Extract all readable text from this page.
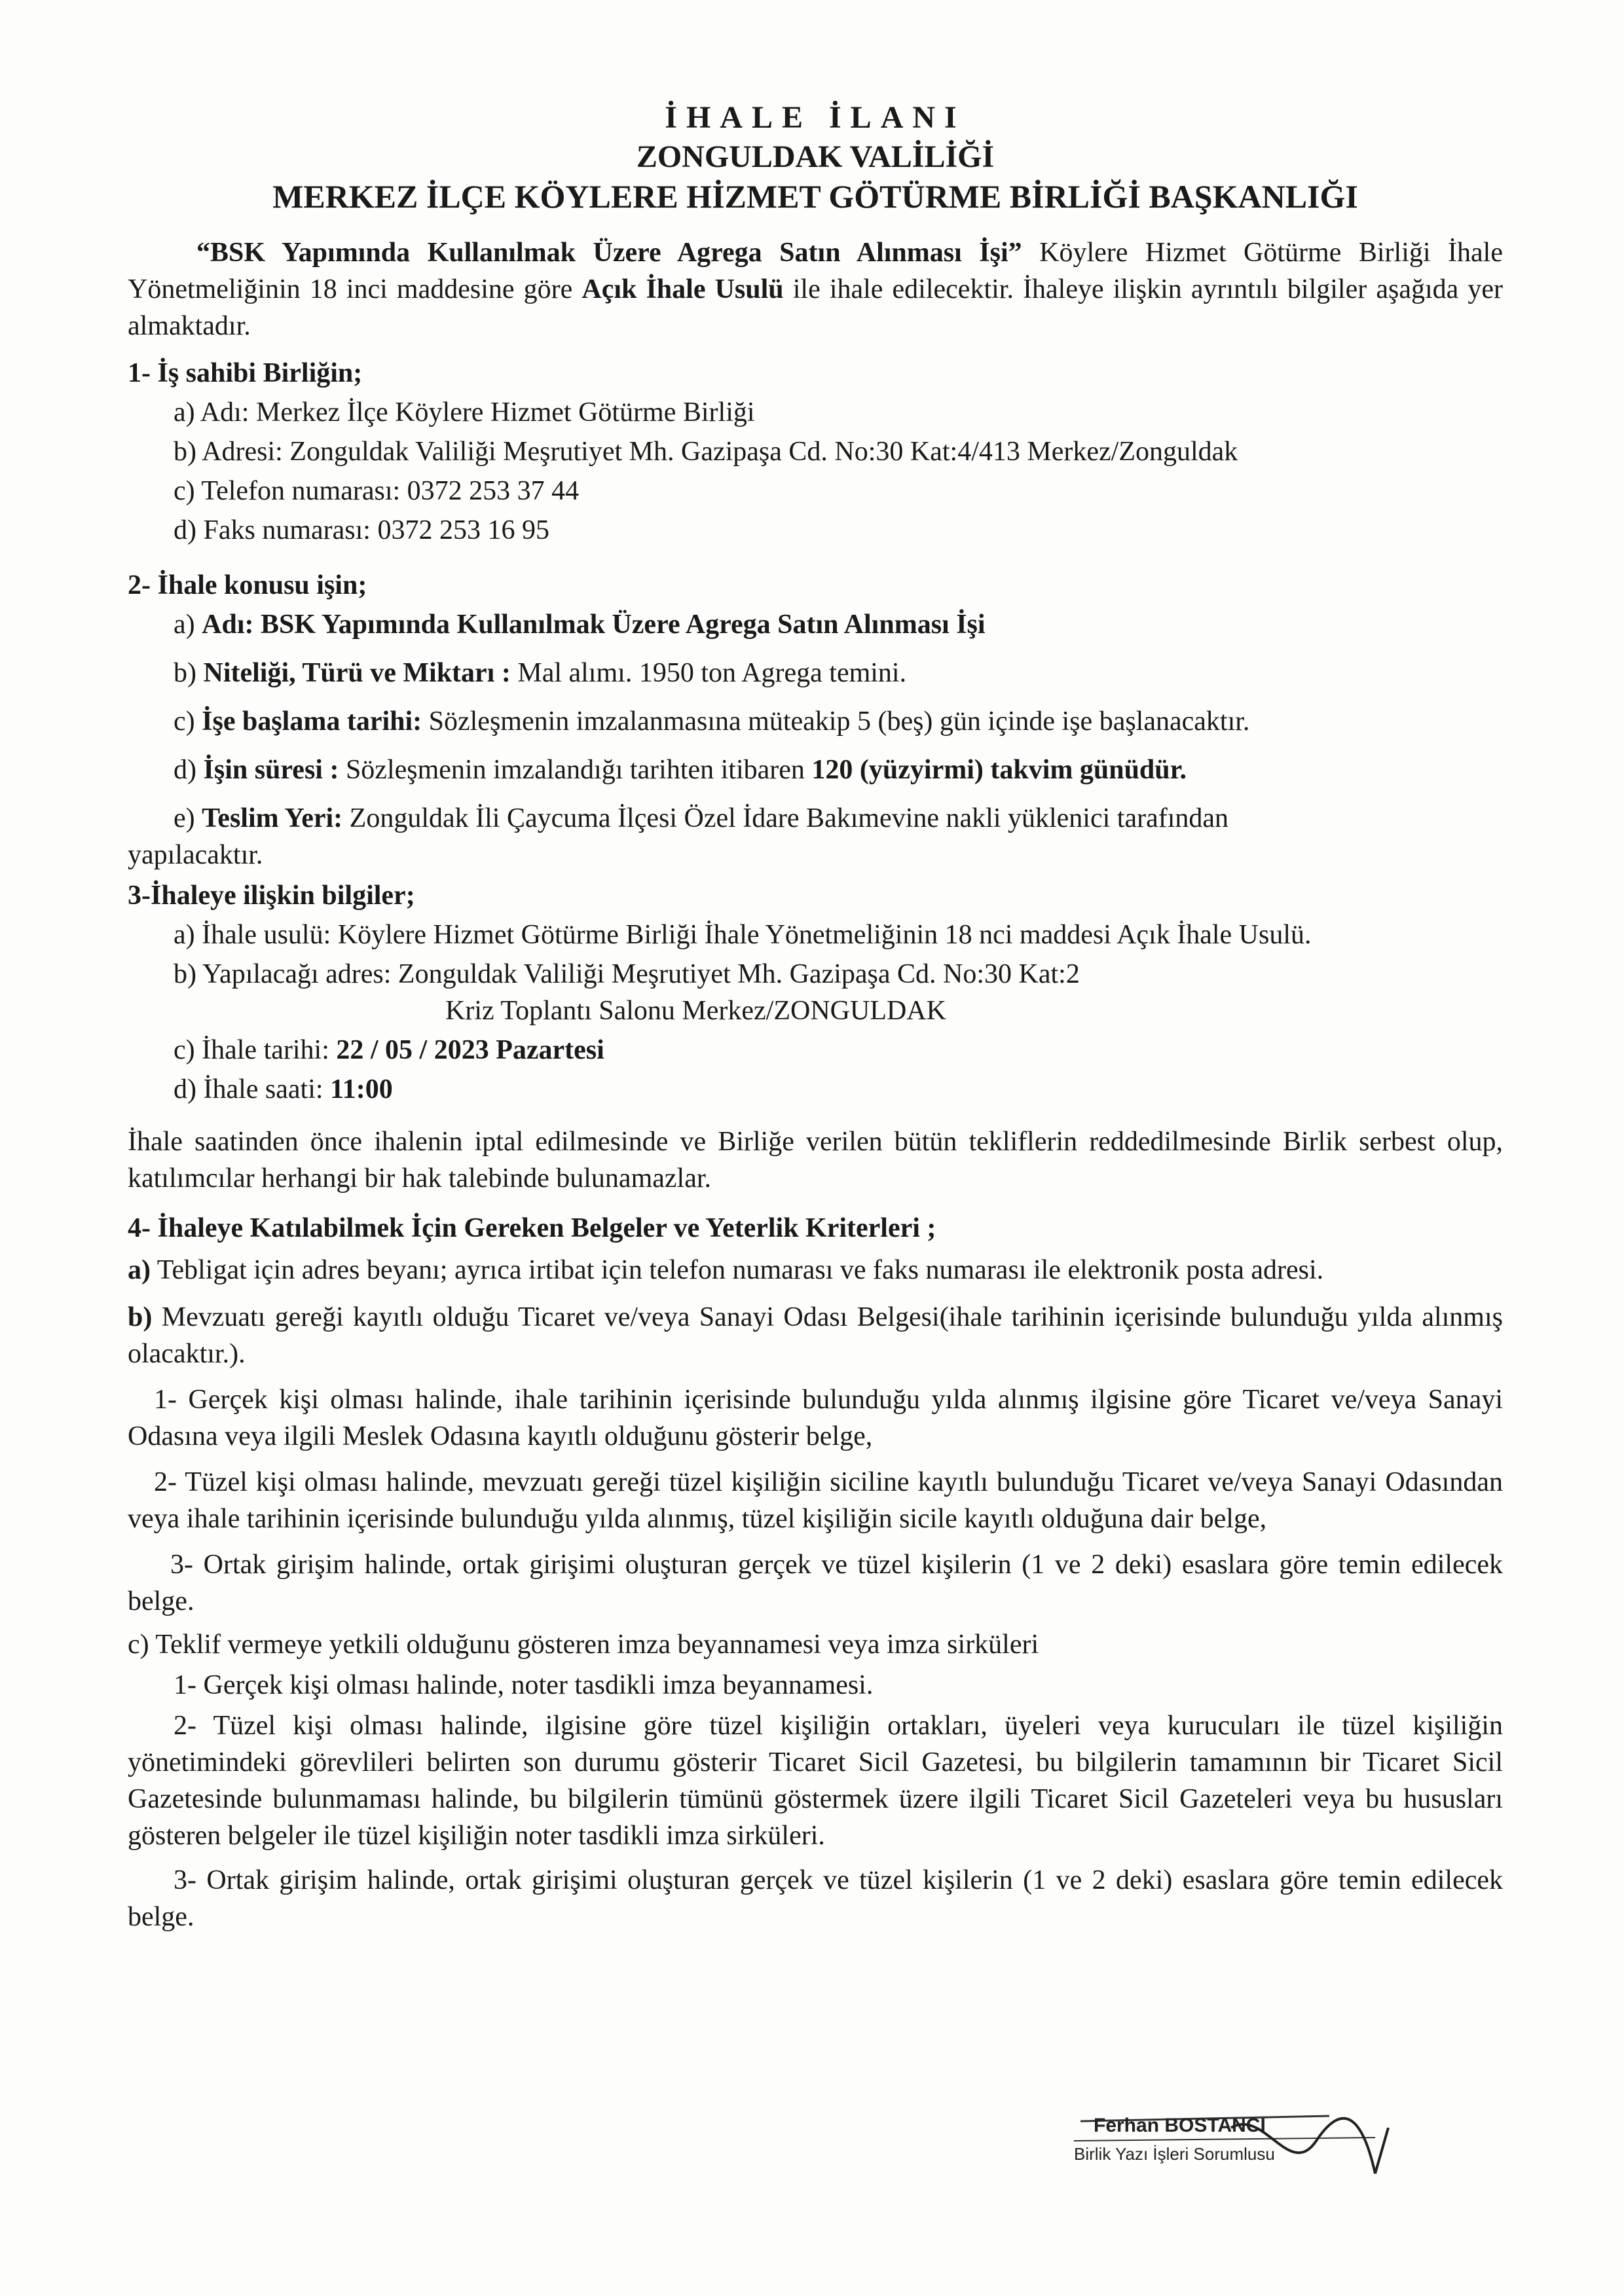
İHALE İLANI
ZONGULDAK VALİLİĞİ
MERKEZ İLÇE KÖYLERE HİZMET GÖTÜRME BİRLİĞİ BAŞKANLIĞI

“BSK Yapımında Kullanılmak Üzere Agrega Satın Alınması İşi” Köylere Hizmet Götürme Birliği İhale Yönetmeliğinin 18 inci maddesine göre Açık İhale Usulü ile ihale edilecektir. İhaleye ilişkin ayrıntılı bilgiler aşağıda yer almaktadır.

1- İş sahibi Birliğin;

a) Adı: Merkez İlçe Köylere Hizmet Götürme Birliği

b) Adresi: Zonguldak Valiliği Meşrutiyet Mh. Gazipaşa Cd. No:30 Kat:4/413 Merkez/Zonguldak

c) Telefon numarası: 0372 253 37 44

d) Faks numarası: 0372 253 16 95

2- İhale konusu işin;

a) Adı: BSK Yapımında Kullanılmak Üzere Agrega Satın Alınması İşi

b) Niteliği, Türü ve Miktarı : Mal alımı. 1950 ton Agrega temini.

c) İşe başlama tarihi: Sözleşmenin imzalanmasına müteakip 5 (beş) gün içinde işe başlanacaktır.

d) İşin süresi : Sözleşmenin imzalandığı tarihten itibaren 120 (yüzyirmi) takvim günüdür.

e) Teslim Yeri: Zonguldak İli Çaycuma İlçesi Özel İdare Bakımevine nakli yüklenici tarafından

yapılacaktır.

3-İhaleye ilişkin bilgiler;

a) İhale usulü: Köylere Hizmet Götürme Birliği İhale Yönetmeliğinin 18 nci maddesi Açık İhale Usulü.

b) Yapılacağı adres: Zonguldak Valiliği Meşrutiyet Mh. Gazipaşa Cd. No:30 Kat:2

Kriz Toplantı Salonu Merkez/ZONGULDAK

c) İhale tarihi: 22 / 05 / 2023 Pazartesi

d) İhale saati: 11:00

İhale saatinden önce ihalenin iptal edilmesinde ve Birliğe verilen bütün tekliflerin reddedilmesinde Birlik serbest olup, katılımcılar herhangi bir hak talebinde bulunamazlar.

4- İhaleye Katılabilmek İçin Gereken Belgeler ve Yeterlik Kriterleri ;

a) Tebligat için adres beyanı; ayrıca irtibat için telefon numarası ve faks numarası ile elektronik posta adresi.

b) Mevzuatı gereği kayıtlı olduğu Ticaret ve/veya Sanayi Odası Belgesi(ihale tarihinin içerisinde bulunduğu yılda alınmış olacaktır.).

1- Gerçek kişi olması halinde, ihale tarihinin içerisinde bulunduğu yılda alınmış ilgisine göre Ticaret ve/veya Sanayi Odasına veya ilgili Meslek Odasına kayıtlı olduğunu gösterir belge,

2- Tüzel kişi olması halinde, mevzuatı gereği tüzel kişiliğin siciline kayıtlı bulunduğu Ticaret ve/veya Sanayi Odasından veya ihale tarihinin içerisinde bulunduğu yılda alınmış, tüzel kişiliğin sicile kayıtlı olduğuna dair belge,

3- Ortak girişim halinde, ortak girişimi oluşturan gerçek ve tüzel kişilerin (1 ve 2 deki) esaslara göre temin edilecek belge.

c) Teklif vermeye yetkili olduğunu gösteren imza beyannamesi veya imza sirküleri

1- Gerçek kişi olması halinde, noter tasdikli imza beyannamesi.

2- Tüzel kişi olması halinde, ilgisine göre tüzel kişiliğin ortakları, üyeleri veya kurucuları ile tüzel kişiliğin yönetimindeki görevlileri belirten son durumu gösterir Ticaret Sicil Gazetesi, bu bilgilerin tamamının bir Ticaret Sicil Gazetesinde bulunmaması halinde, bu bilgilerin tümünü göstermek üzere ilgili Ticaret Sicil Gazeteleri veya bu hususları gösteren belgeler ile tüzel kişiliğin noter tasdikli imza sirküleri.

3- Ortak girişim halinde, ortak girişimi oluşturan gerçek ve tüzel kişilerin (1 ve 2 deki) esaslara göre temin edilecek belge.

Ferhan BOSTANCI
Birlik Yazı İşleri Sorumlusu
